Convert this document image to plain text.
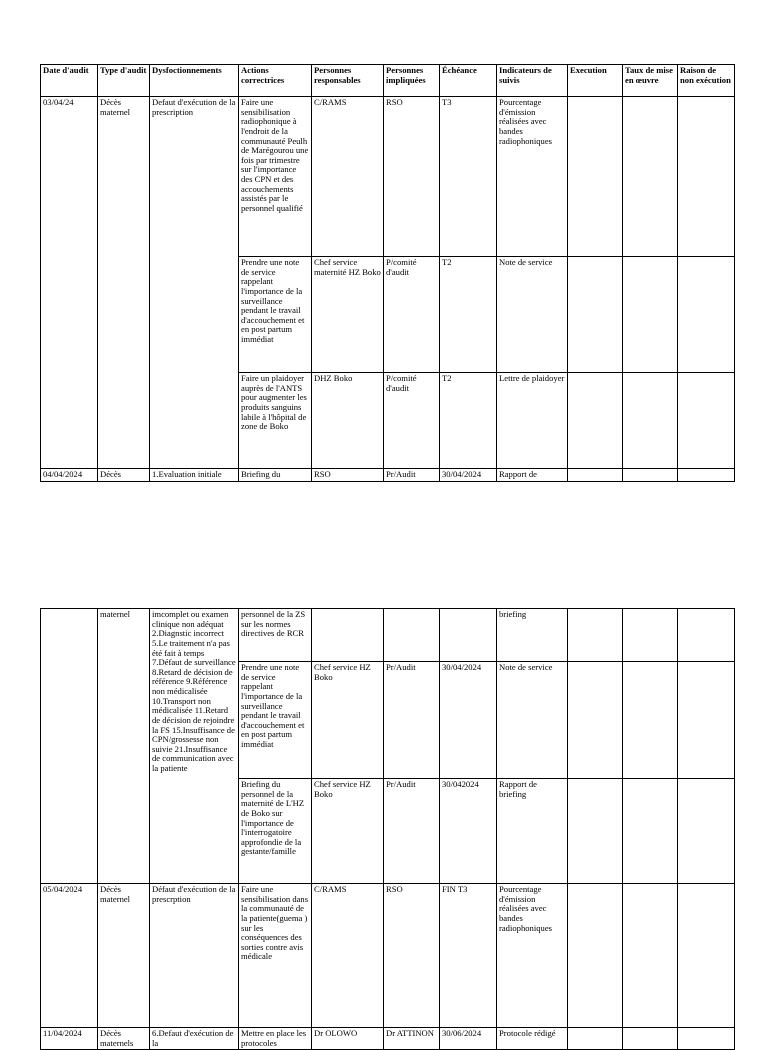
Date d'audit	Type d'audit	Dysfoctionnements	Actions correctrices	Personnes responsables	Personnes impliquées	Échéance	Indicateurs de suivis	Execution	Taux de mise en œuvre	Raison de non exécution
03/04/24	Décès maternel	Defaut d'exécution de la prescription	Faire une sensibilisation radiophonique à l'endroit de la communauté Peulh de Marégourou une fois par trimestre sur l'importance des CPN et des accouchements assistés par le personnel qualifié	C/RAMS	RSO	T3	Pourcentage d'émission réalisées avec bandes radiophoniques			
			Prendre une note de service rappelant l'importance de la surveillance pendant le travail d'accouchement et en post partum immédiat	Chef service maternité HZ Boko	P/comité d'audit	T2	Note de service			
			Faire un plaidoyer auprès de l'ANTS pour augmenter les produits sanguins labile à l'hôpital de zone de Boko	DHZ Boko	P/comité d'audit	T2	Lettre de plaidoyer			
04/04/2024	Décès	1.Evaluation initiale	Briefing du	RSO	Pr/Audit	30/04/2024	Rapport de			
	maternel	imcomplet ou examen clinique non adéquat 2.Diagnstic incorrect 5.Le traitement n'a pas été fait à temps 7.Défaut de surveillance 8.Retard de décision de référence 9.Référence non médicalisée 10.Transport non médicalisée 11.Retard de décision de rejoindre la FS 15.Insuffisance de CPN/grossesse non suivie 21.Insuffisance de communication avec la patiente	personnel de la ZS sur les normes directives de RCR				briefing			
			Prendre une note de service rappelant l'importance de la surveillance pendant le travail d'accouchement et en post partum immédiat	Chef service HZ Boko	Pr/Audit	30/04/2024	Note de service			
			Briefing du personnel de la maternité de L'HZ de Boko sur l'importance de l'interrogatoire approfondie de la gestante/famille	Chef service HZ Boko	Pr/Audit	30/042024	Rapport de briefing			
05/04/2024	Décès maternel	Défaut d'exécution de la prescrption	Faire une sensibilisation dans la communauté de la patiente(guema ) sur les conséquences des sorties contre avis médicale	C/RAMS	RSO	FIN T3	Pourcentage d'émission réalisées avec bandes radiophoniques			
11/04/2024	Décès maternels	6.Defaut d'exécution de la	Mettre en place les protocoles	Dr OLOWO	Dr ATTINON	30/06/2024	Protocole rédigé			
